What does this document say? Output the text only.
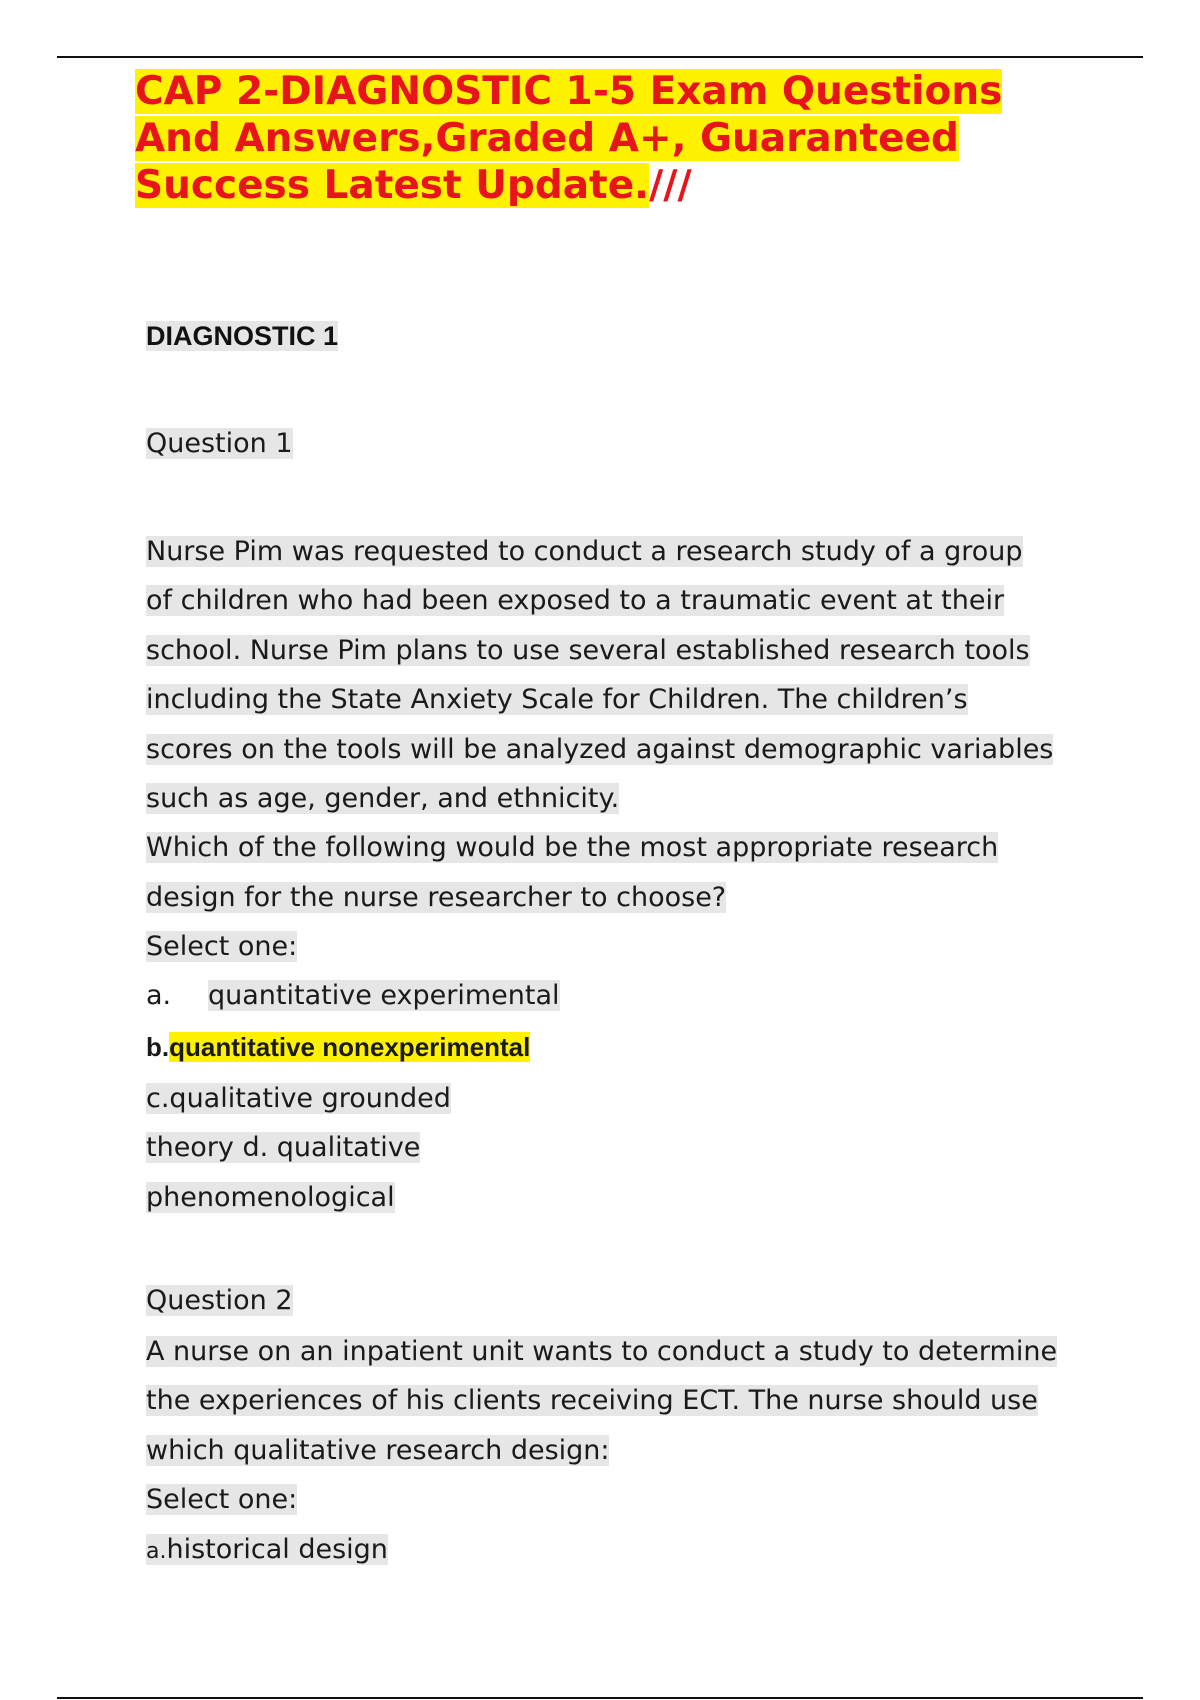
CAP 2-DIAGNOSTIC 1-5 Exam Questions
And Answers,Graded A+, Guaranteed
Success Latest Update.///
DIAGNOSTIC 1
Question 1
Nurse Pim was requested to conduct a research study of a group
of children who had been exposed to a traumatic event at their
school. Nurse Pim plans to use several established research tools
including the State Anxiety Scale for Children. The children’s
scores on the tools will be analyzed against demographic variables
such as age, gender, and ethnicity.
Which of the following would be the most appropriate research
design for the nurse researcher to choose?
Select one:
a. quantitative experimental
b.quantitative nonexperimental
c.qualitative grounded
theory d. qualitative
phenomenological
Question 2
A nurse on an inpatient unit wants to conduct a study to determine
the experiences of his clients receiving ECT. The nurse should use
which qualitative research design:
Select one:
a.historical design
